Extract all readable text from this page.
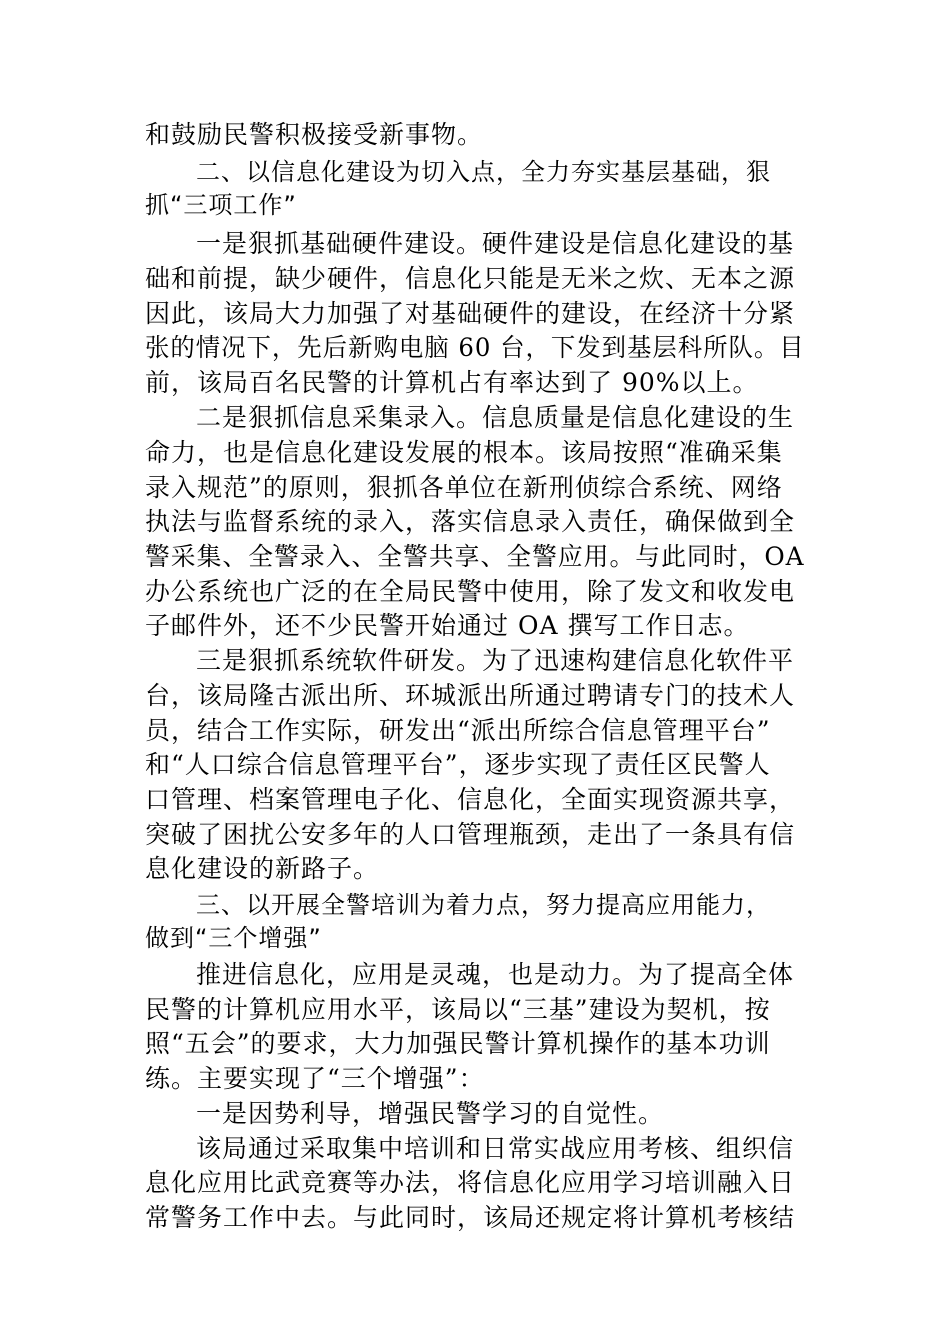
和鼓励民警积极接受新事物。

二、以信息化建设为切入点，全力夯实基层基础，狠

抓“三项工作”

一是狠抓基础硬件建设。硬件建设是信息化建设的基

础和前提，缺少硬件，信息化只能是无米之炊、无本之源

因此，该局大力加强了对基础硬件的建设，在经济十分紧

张的情况下，先后新购电脑 60 台，下发到基层科所队。目

前，该局百名民警的计算机占有率达到了 90%以上。

二是狠抓信息采集录入。信息质量是信息化建设的生

命力，也是信息化建设发展的根本。该局按照“准确采集

录入规范”的原则，狠抓各单位在新刑侦综合系统、网络

执法与监督系统的录入，落实信息录入责任，确保做到全

警采集、全警录入、全警共享、全警应用。与此同时，OA

办公系统也广泛的在全局民警中使用，除了发文和收发电

子邮件外，还不少民警开始通过 OA 撰写工作日志。

三是狠抓系统软件研发。为了迅速构建信息化软件平

台，该局隆古派出所、环城派出所通过聘请专门的技术人

员，结合工作实际，研发出“派出所综合信息管理平台”

和“人口综合信息管理平台”，逐步实现了责任区民警人

口管理、档案管理电子化、信息化，全面实现资源共享，

突破了困扰公安多年的人口管理瓶颈，走出了一条具有信

息化建设的新路子。

三、以开展全警培训为着力点，努力提高应用能力，

做到“三个增强”

推进信息化，应用是灵魂，也是动力。为了提高全体

民警的计算机应用水平，该局以“三基”建设为契机，按

照“五会”的要求，大力加强民警计算机操作的基本功训

练。主要实现了“三个增强”：

一是因势利导，增强民警学习的自觉性。

该局通过采取集中培训和日常实战应用考核、组织信

息化应用比武竞赛等办法，将信息化应用学习培训融入日

常警务工作中去。与此同时，该局还规定将计算机考核结
